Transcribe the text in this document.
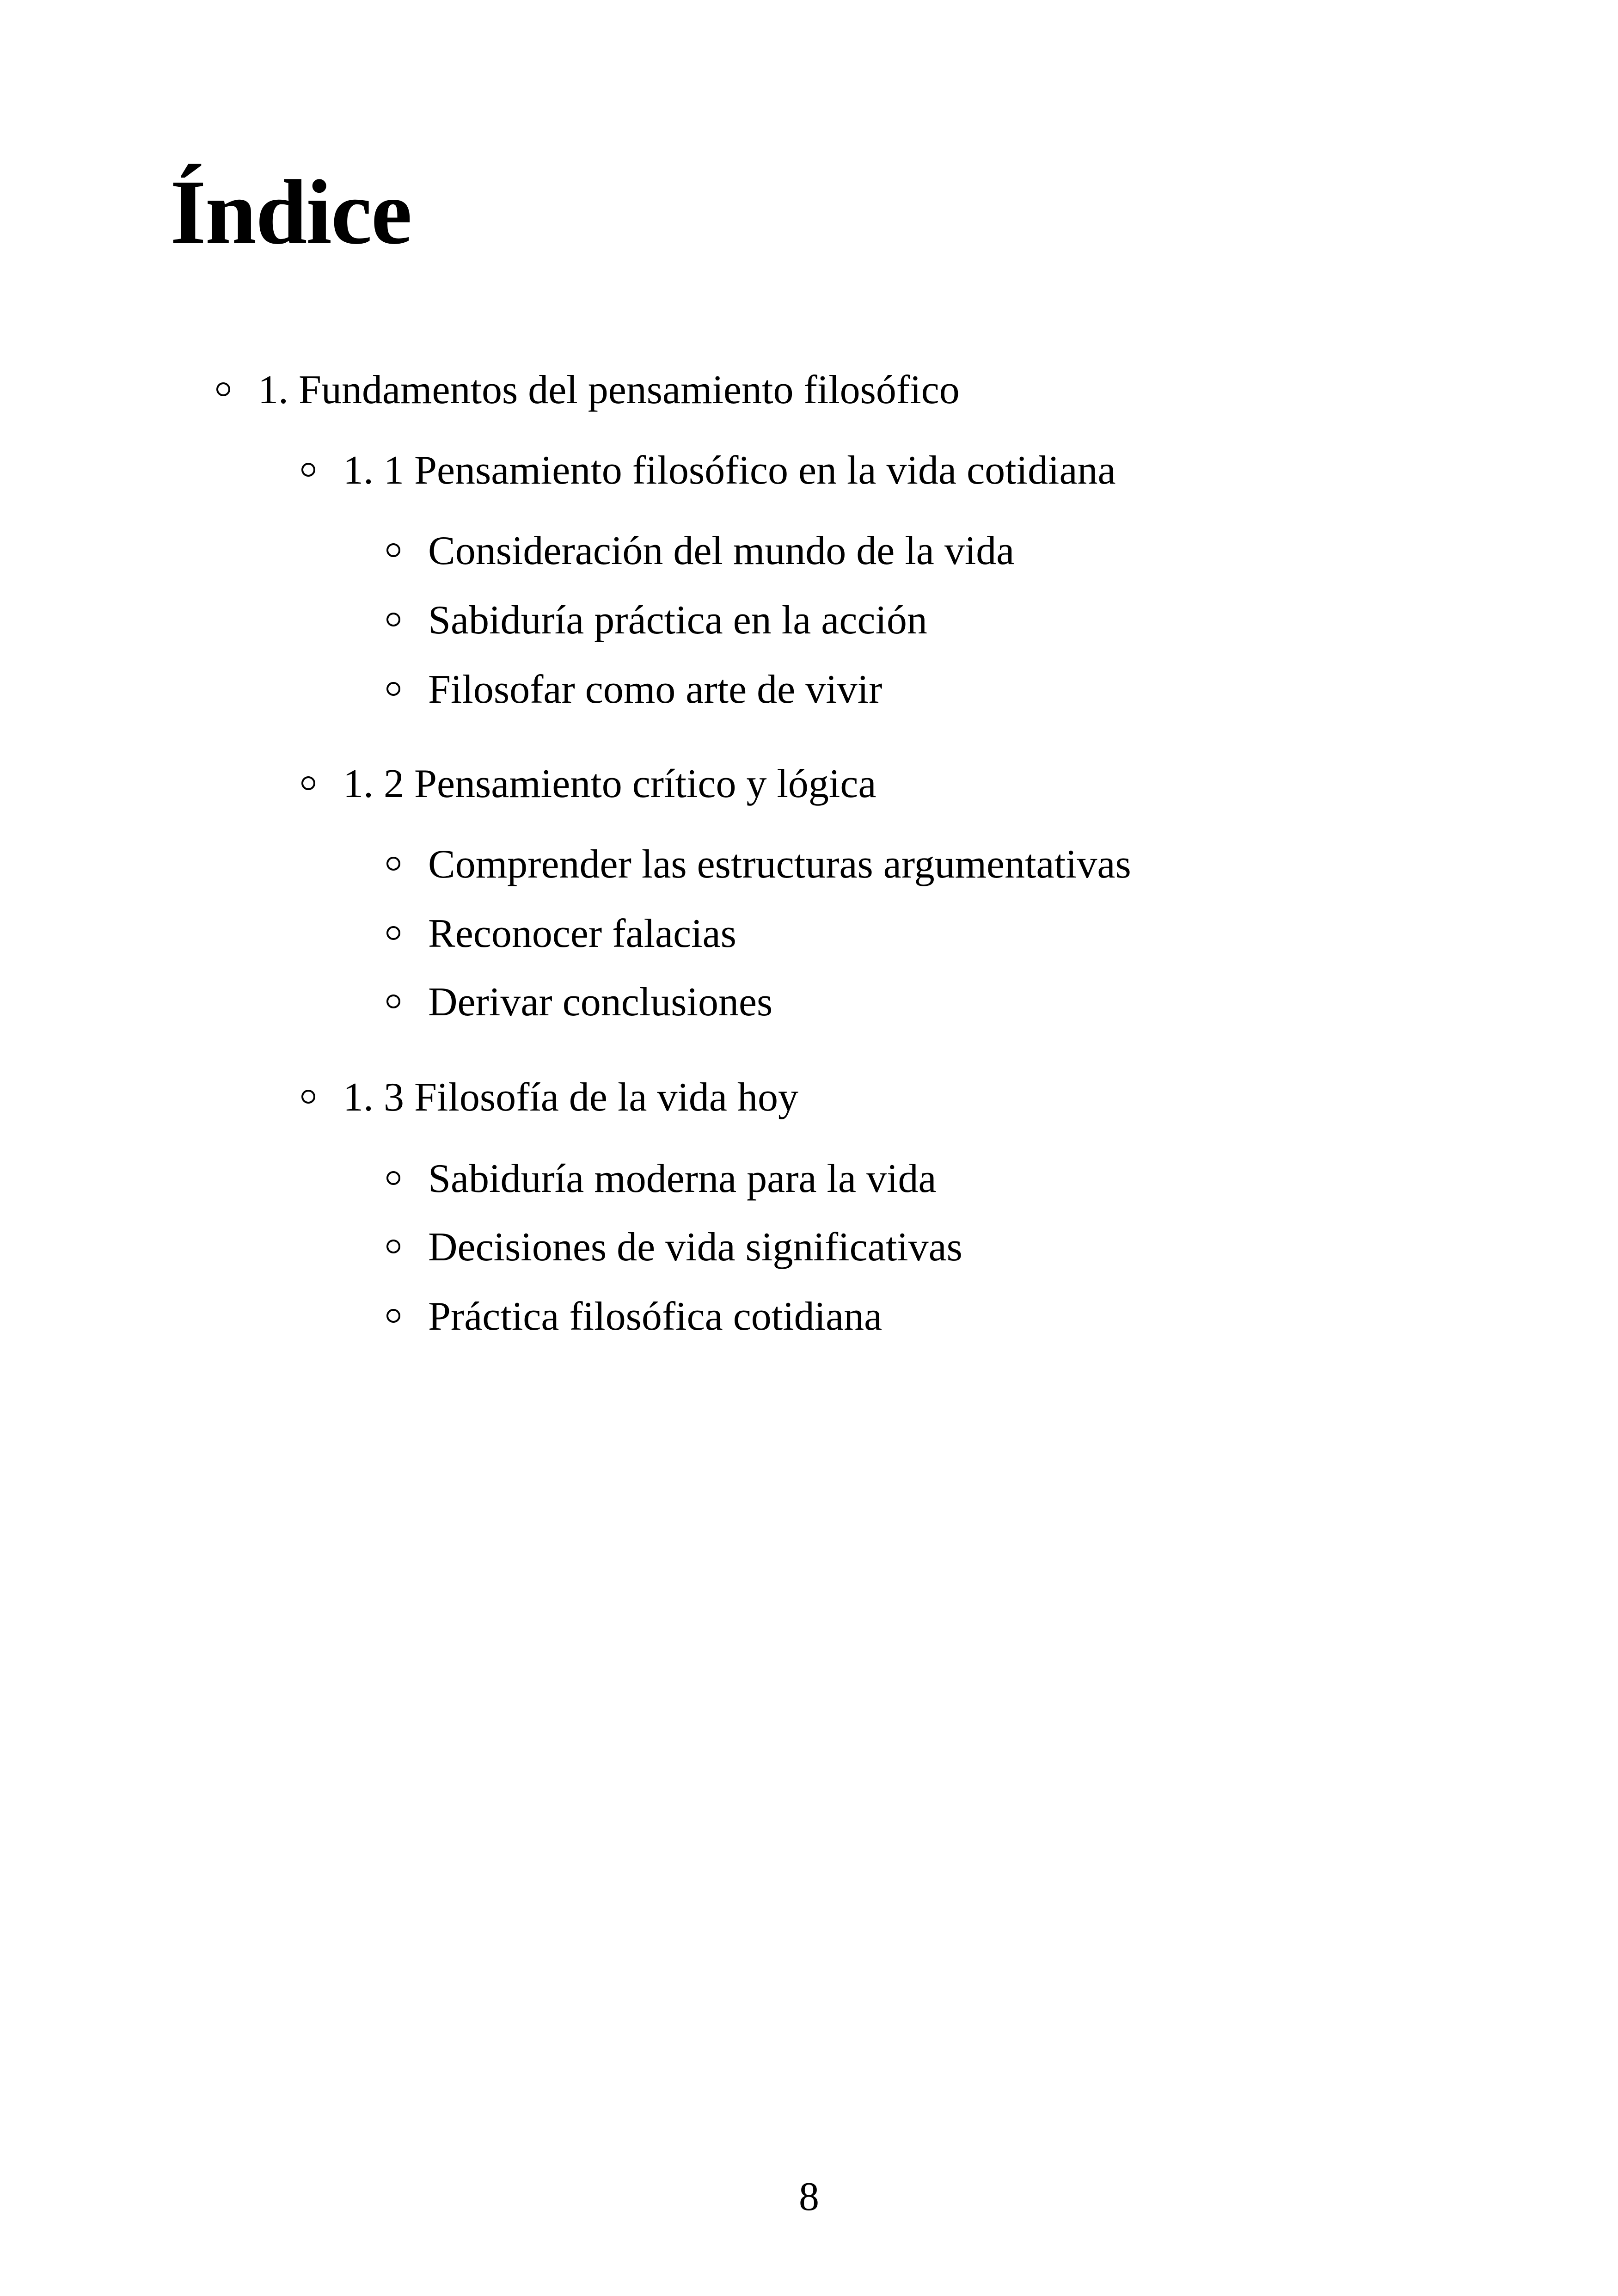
Índice
1. Fundamentos del pensamiento filosófico
1. 1 Pensamiento filosófico en la vida cotidiana
Consideración del mundo de la vida
Sabiduría práctica en la acción
Filosofar como arte de vivir
1. 2 Pensamiento crítico y lógica
Comprender las estructuras argumentativas
Reconocer falacias
Derivar conclusiones
1. 3 Filosofía de la vida hoy
Sabiduría moderna para la vida
Decisiones de vida significativas
Práctica filosófica cotidiana
8
